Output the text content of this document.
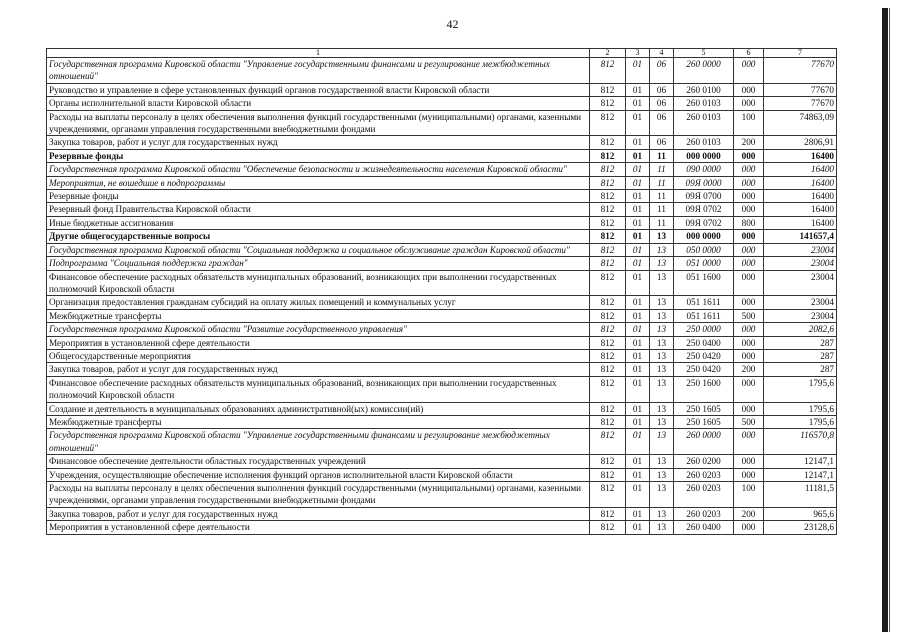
42
1	2	3	4	5	6	7
Государственная программа Кировской области "Управление государственными финансами и регулирование межбюджетных отношений"	812	01	06	260 0000	000	77670
Руководство и управление в сфере установленных функций органов государственной власти Кировской области	812	01	06	260 0100	000	77670
Органы исполнительной власти Кировской области	812	01	06	260 0103	000	77670
Расходы на выплаты персоналу в целях обеспечения выполнения функций государственными (муниципальными) органами, казенными учреждениями, органами управления государственными внебюджетными фондами	812	01	06	260 0103	100	74863,09
Закупка товаров, работ и услуг для государственных нужд	812	01	06	260 0103	200	2806,91
Резервные фонды	812	01	11	000 0000	000	16400
Государственная программа Кировской области "Обеспечение безопасности и жизнедеятельности населения Кировской области"	812	01	11	090 0000	000	16400
Мероприятия, не вошедшие в подпрограммы	812	01	11	09Я 0000	000	16400
Резервные фонды	812	01	11	09Я 0700	000	16400
Резервный фонд Правительства Кировской области	812	01	11	09Я 0702	000	16400
Иные бюджетные ассигнования	812	01	11	09Я 0702	800	16400
Другие общегосударственные вопросы	812	01	13	000 0000	000	141657,4
Государственная программа Кировской области "Социальная поддержка и социальное обслуживание граждан Кировской области"	812	01	13	050 0000	000	23004
Подпрограмма "Социальная поддержка граждан"	812	01	13	051 0000	000	23004
Финансовое обеспечение расходных обязательств муниципальных образований, возникающих при выполнении государственных полномочий Кировской области	812	01	13	051 1600	000	23004
Организация предоставления гражданам субсидий на оплату жилых помещений и коммунальных услуг	812	01	13	051 1611	000	23004
Межбюджетные трансферты	812	01	13	051 1611	500	23004
Государственная программа Кировской области "Развитие государственного управления"	812	01	13	250 0000	000	2082,6
Мероприятия в установленной сфере деятельности	812	01	13	250 0400	000	287
Общегосударственные мероприятия	812	01	13	250 0420	000	287
Закупка товаров, работ и услуг для государственных нужд	812	01	13	250 0420	200	287
Финансовое обеспечение расходных обязательств муниципальных образований, возникающих при выполнении государственных полномочий Кировской области	812	01	13	250 1600	000	1795,6
Создание и деятельность в муниципальных образованиях административной(ых) комиссии(ий)	812	01	13	250 1605	000	1795,6
Межбюджетные трансферты	812	01	13	250 1605	500	1795,6
Государственная программа Кировской области "Управление государственными финансами и регулирование межбюджетных отношений"	812	01	13	260 0000	000	116570,8
Финансовое обеспечение деятельности областных государственных учреждений	812	01	13	260 0200	000	12147,1
Учреждения, осуществляющие обеспечение исполнения функций органов исполнительной власти Кировской области	812	01	13	260 0203	000	12147,1
Расходы на выплаты персоналу в целях обеспечения выполнения функций государственными (муниципальными) органами, казенными учреждениями, органами управления государственными внебюджетными фондами	812	01	13	260 0203	100	11181,5
Закупка товаров, работ и услуг для государственных нужд	812	01	13	260 0203	200	965,6
Мероприятия в установленной сфере деятельности	812	01	13	260 0400	000	23128,6
